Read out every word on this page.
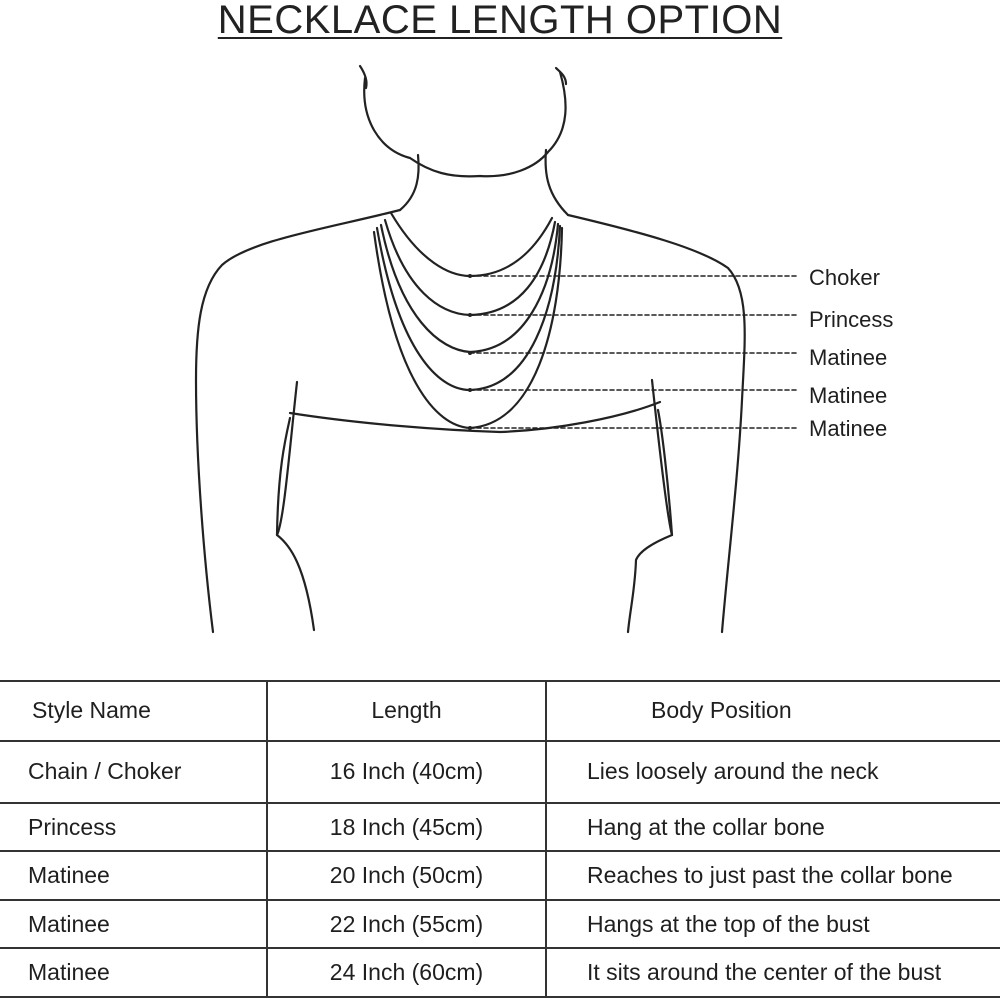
NECKLACE LENGTH OPTION
Choker
Princess
Matinee
Matinee
Matinee
Style Name	Length	Body Position
Chain / Choker	16 Inch (40cm)	Lies loosely around the neck
Princess	18 Inch (45cm)	Hang at the collar bone
Matinee	20 Inch (50cm)	Reaches to just past the collar bone
Matinee	22 Inch (55cm)	Hangs at the top of the bust
Matinee	24 Inch (60cm)	It sits around the center of the bust
